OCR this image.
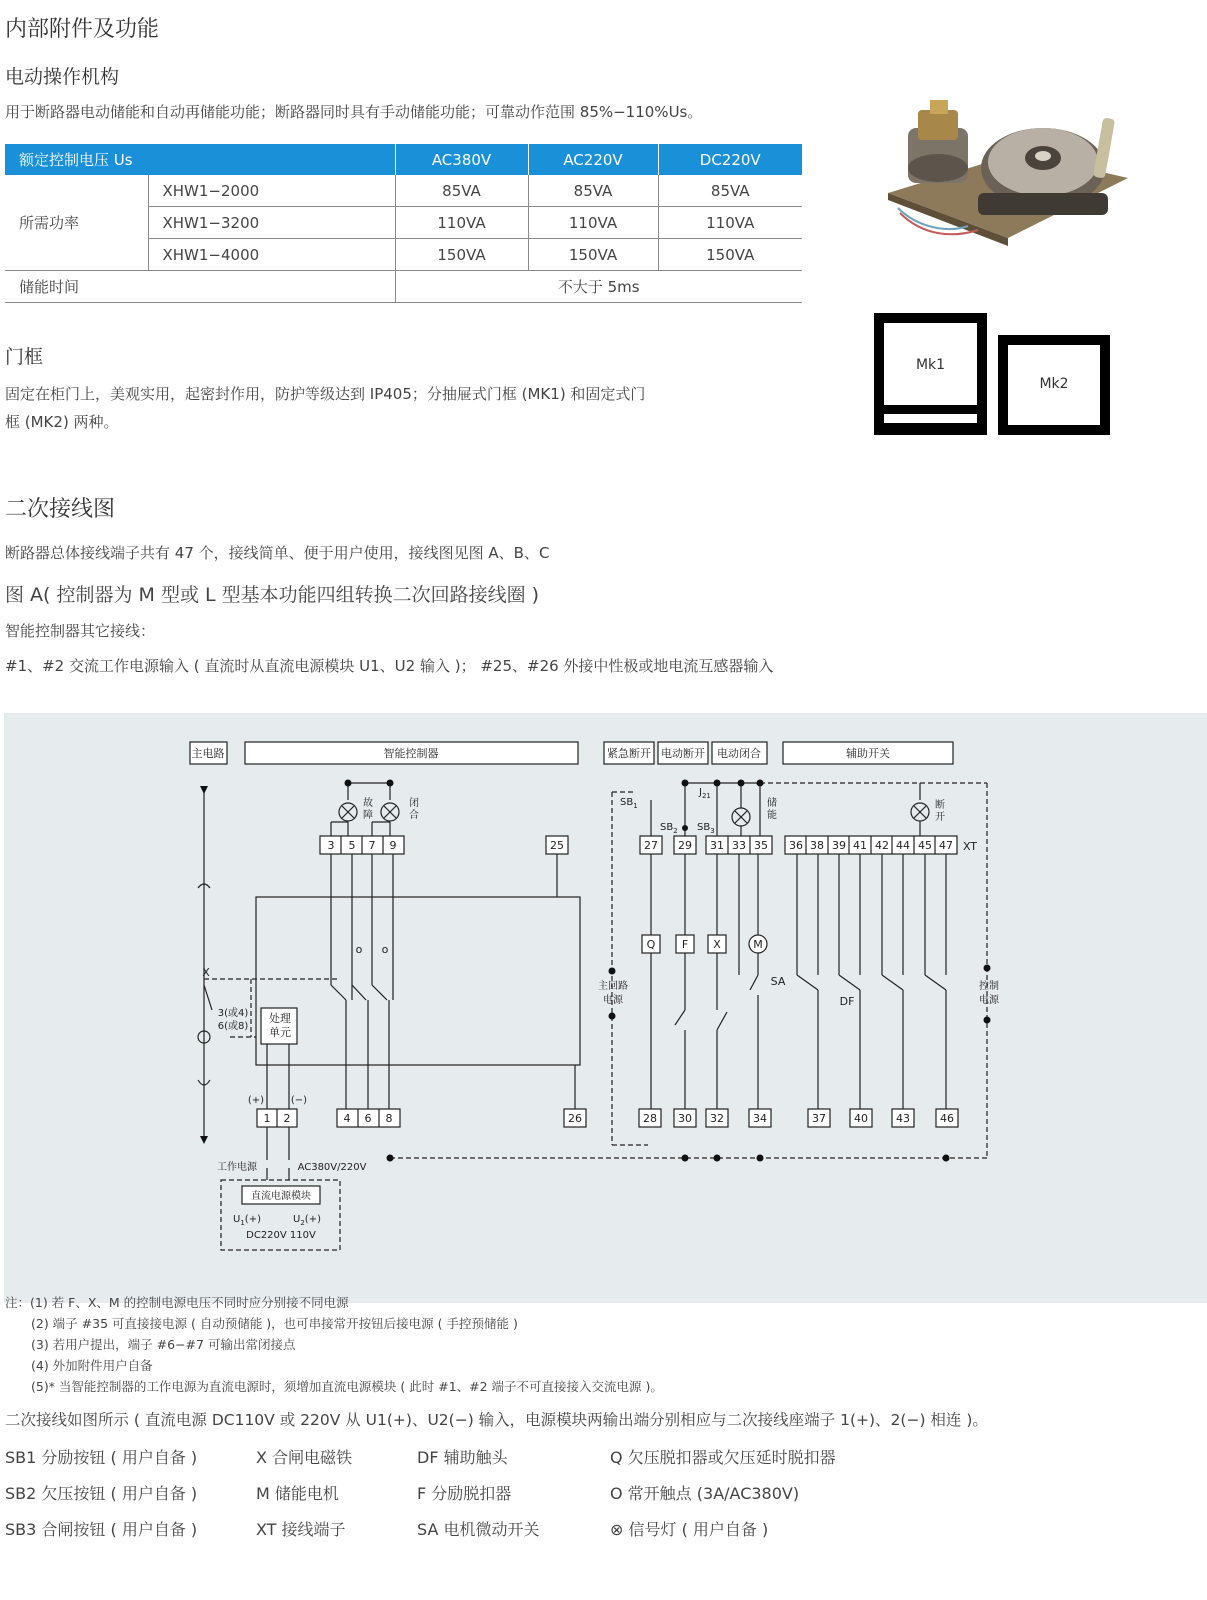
内部附件及功能
电动操作机构
用于断路器电动储能和自动再储能功能；断路器同时具有手动储能功能；可靠动作范围 85%−110%Us。
额定控制电压 Us		AC380V	AC220V	DC220V
所需功率	XHW1−2000	85VA	85VA	85VA
	XHW1−3200	110VA	110VA	110VA
	XHW1−4000	150VA	150VA	150VA
储能时间		不大于 5ms		
门框
固定在柜门上，美观实用，起密封作用，防护等级达到 IP405；分抽屉式门框 (MK1) 和固定式门
框 (MK2) 两种。
Mk1
Mk2
二次接线图
断路器总体接线端子共有 47 个，接线简单、便于用户使用，接线图见图 A、B、C
图 A( 控制器为 M 型或 L 型基本功能四组转换二次回路接线圈 )
智能控制器其它接线：
#1、#2 交流工作电源输入 ( 直流时从直流电源模块 U1、U2 输入 )； #25、#26 外接中性极或地电流互感器输入
主电路	智能控制器	紧急断开 电动断开 电动闭合	辅助开关
3 5 7 9	25	27 29 31 33 35 36 38 39 41 42 44 45 47 XT
1 2	4 6 8	26	28 30 32	34	37	40	43	46
Q F X	M
SA
DF
o o
X
处理
单元
3(或4)
6(或8)
(+)	(−)
主回路
电源
控制
电源
工作电源	AC380V/220V
直流电源模块
DC220V 110V
故
障
闭
合
储
能
断
开
$SB_1$
$SB_2$ $SB_3$
$J_{21}$
$U_1(+)$	$U_2(+)$
注：(1) 若 F、X、M 的控制电源电压不同时应分别接不同电源
(2) 端子 #35 可直接接电源 ( 自动预储能 )，也可串接常开按钮后接电源 ( 手控预储能 )
(3) 若用户提出，端子 #6−#7 可输出常闭接点
(4) 外加附件用户自备
(5)* 当智能控制器的工作电源为直流电源时，须增加直流电源模块 ( 此时 #1、#2 端子不可直接接入交流电源 )。
二次接线如图所示 ( 直流电源 DC110V 或 220V 从 U1(+)、U2(−) 输入，电源模块两输出端分别相应与二次接线座端子 1(+)、2(−) 相连 )。
SB1 分励按钮 ( 用户自备 )	X 合闸电磁铁	DF 辅助触头	Q 欠压脱扣器或欠压延时脱扣器
SB2 欠压按钮 ( 用户自备 )	M 储能电机	F 分励脱扣器	O 常开触点 (3A/AC380V)
SB3 合闸按钮 ( 用户自备 )	XT 接线端子	SA 电机微动开关	⊗ 信号灯 ( 用户自备 )
